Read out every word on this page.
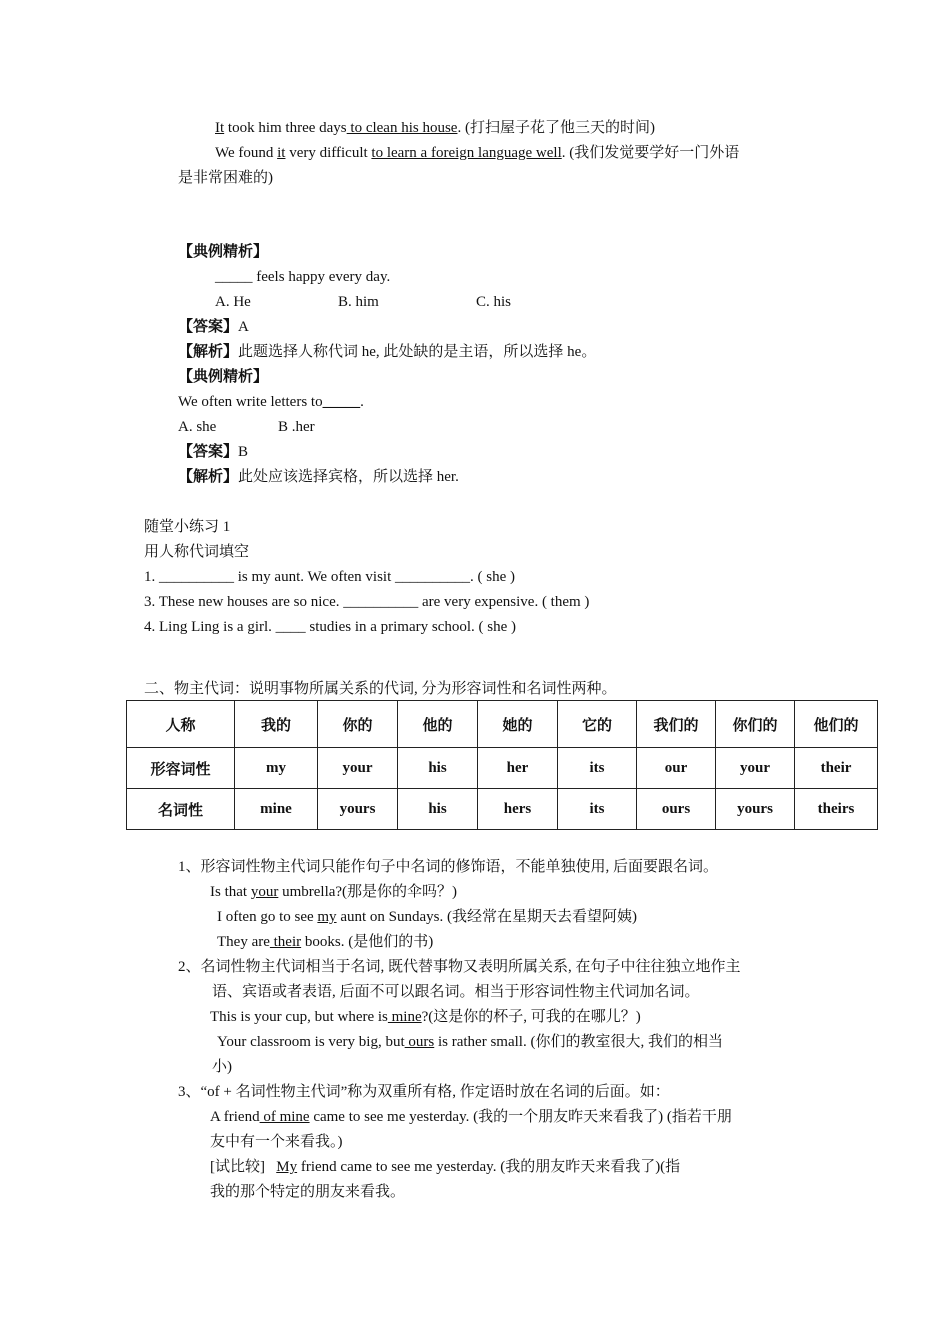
It took him three days to clean his house. (打扫屋子花了他三天的时间)
We found it very difficult to learn a foreign language well. (我们发觉要学好一门外语
是非常困难的)
【典例精析】
_____ feels happy every day.
A. He	B. him	C. his
【答案】A
【解析】此题选择人称代词 he, 此处缺的是主语，所以选择 he。
【典例精析】
We often write letters to_____.
A. she	B .her
【答案】B
【解析】此处应该选择宾格，所以选择 her.
随堂小练习 1
用人称代词填空
1. __________ is my aunt. We often visit __________. ( she )
3. These new houses are so nice. __________ are very expensive. ( them )
4. Ling Ling is a girl. ____ studies in a primary school. ( she )
二、物主代词：说明事物所属关系的代词, 分为形容词性和名词性两种。
人称	我的	你的	他的	她的	它的	我们的	你们的	他们的
形容词性	my	your	his	her	its	our	your	their
名词性	mine	yours	his	hers	its	ours	yours	theirs
1、形容词性物主代词只能作句子中名词的修饰语，不能单独使用, 后面要跟名词。
Is that your umbrella?(那是你的伞吗？)
I often go to see my aunt on Sundays. (我经常在星期天去看望阿姨)
They are their books. (是他们的书)
2、名词性物主代词相当于名词, 既代替事物又表明所属关系, 在句子中往往独立地作主
语、宾语或者表语, 后面不可以跟名词。相当于形容词性物主代词加名词。
This is your cup, but where is mine?(这是你的杯子, 可我的在哪儿？)
Your classroom is very big, but ours is rather small. (你们的教室很大, 我们的相当
小)
3、“of + 名词性物主代词”称为双重所有格, 作定语时放在名词的后面。如：
A friend of mine came to see me yesterday. (我的一个朋友昨天来看我了) (指若干朋
友中有一个来看我。)
[试比较]   My friend came to see me yesterday. (我的朋友昨天来看我了)(指
我的那个特定的朋友来看我。
